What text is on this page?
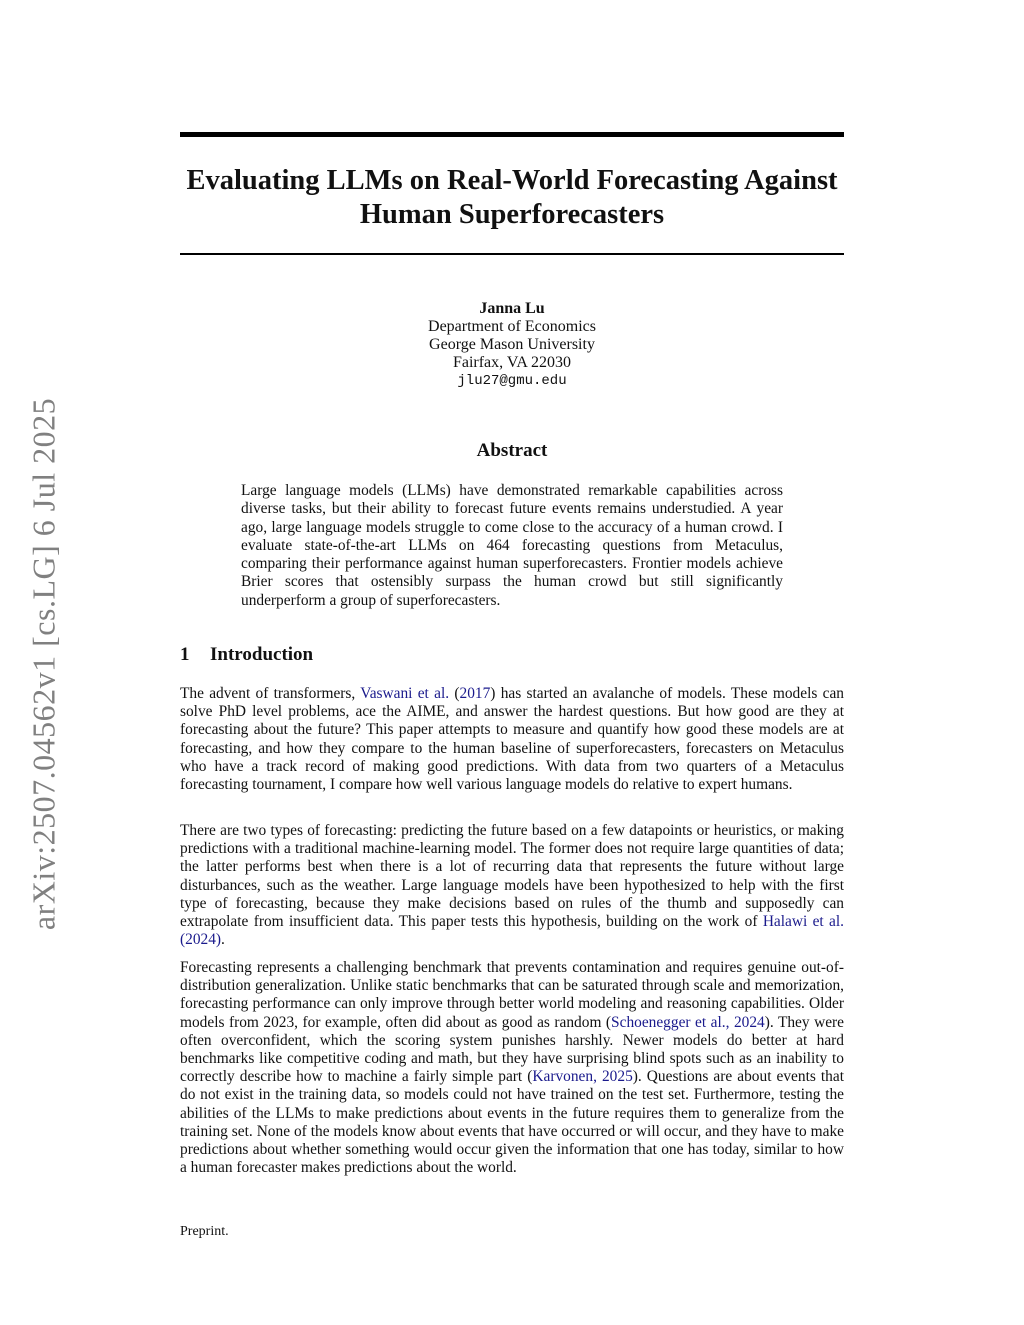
arXiv:2507.04562v1 [cs.LG] 6 Jul 2025
Evaluating LLMs on Real-World Forecasting Against
Human Superforecasters
Janna Lu
Department of Economics
George Mason University
Fairfax, VA 22030
jlu27@gmu.edu
Abstract

Large language models (LLMs) have demonstrated remarkable capabilities across diverse tasks, but their ability to forecast future events remains understudied. A year ago, large language models struggle to come close to the accuracy of a human crowd. I evaluate state-of-the-art LLMs on 464 forecasting questions from Metaculus, comparing their performance against human superforecasters. Frontier models achieve Brier scores that ostensibly surpass the human crowd but still significantly underperform a group of superforecasters.

1 Introduction

The advent of transformers, Vaswani et al. (2017) has started an avalanche of models. These models can solve PhD level problems, ace the AIME, and answer the hardest questions. But how good are they at forecasting about the future? This paper attempts to measure and quantify how good these models are at forecasting, and how they compare to the human baseline of superforecasters, forecasters on Metaculus who have a track record of making good predictions. With data from two quarters of a Metaculus forecasting tournament, I compare how well various language models do relative to expert humans.

There are two types of forecasting: predicting the future based on a few datapoints or heuristics, or making predictions with a traditional machine-learning model. The former does not require large quantities of data; the latter performs best when there is a lot of recurring data that represents the future without large disturbances, such as the weather. Large language models have been hypothesized to help with the first type of forecasting, because they make decisions based on rules of the thumb and supposedly can extrapolate from insufficient data. This paper tests this hypothesis, building on the work of Halawi et al. (2024).

Forecasting represents a challenging benchmark that prevents contamination and requires genuine out-of-distribution generalization. Unlike static benchmarks that can be saturated through scale and memorization, forecasting performance can only improve through better world modeling and reasoning capabilities. Older models from 2023, for example, often did about as good as random (Schoenegger et al., 2024). They were often overconfident, which the scoring system punishes harshly. Newer models do better at hard benchmarks like competitive coding and math, but they have surprising blind spots such as an inability to correctly describe how to machine a fairly simple part (Karvonen, 2025). Questions are about events that do not exist in the training data, so models could not have trained on the test set. Furthermore, testing the abilities of the LLMs to make predictions about events in the future requires them to generalize from the training set. None of the models know about events that have occurred or will occur, and they have to make predictions about whether something would occur given the information that one has today, similar to how a human forecaster makes predictions about the world.

Preprint.
